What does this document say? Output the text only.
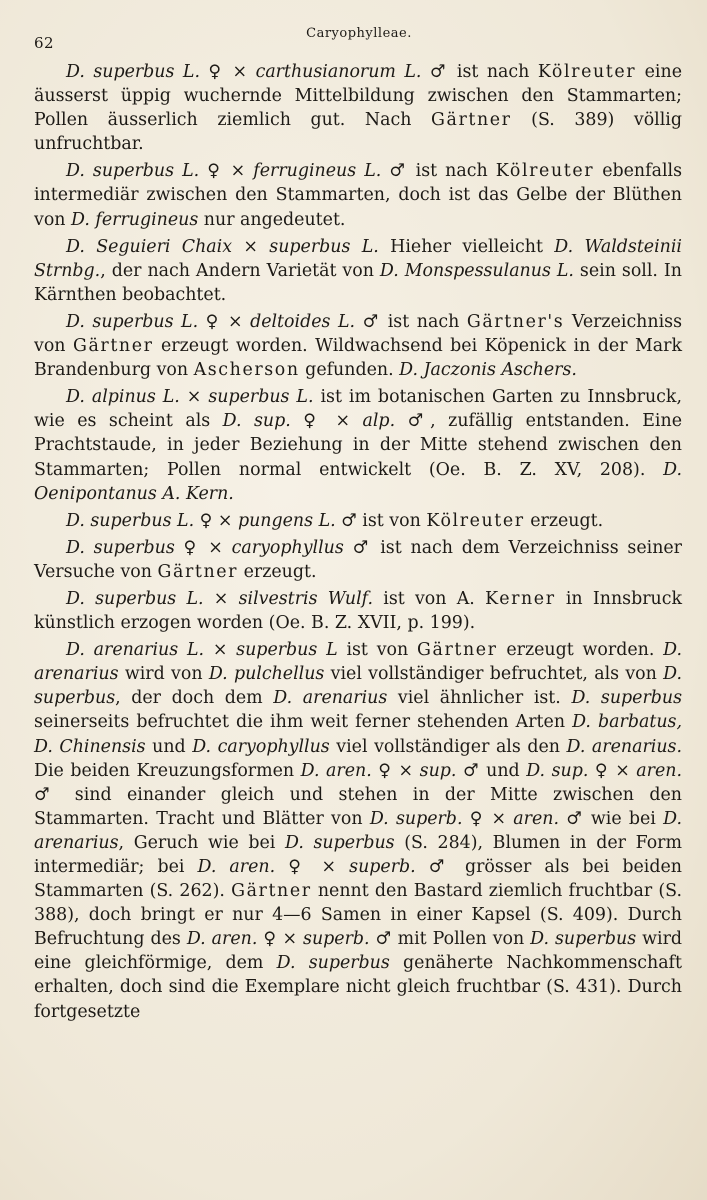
62
Caryophylleae.

D. superbus L. ♀ × carthusianorum L. ♂ ist nach Kölreuter eine äusserst üppig wuchernde Mittelbildung zwischen den Stammarten; Pollen äusserlich ziemlich gut. Nach Gärtner (S. 389) völlig unfruchtbar.

D. superbus L. ♀ × ferrugineus L. ♂ ist nach Kölreuter ebenfalls intermediär zwischen den Stammarten, doch ist das Gelbe der Blüthen von D. ferrugineus nur angedeutet.

D. Seguieri Chaix × superbus L. Hieher vielleicht D. Waldsteinii Strnbg., der nach Andern Varietät von D. Monspessulanus L. sein soll. In Kärnthen beobachtet.

D. superbus L. ♀ × deltoides L. ♂ ist nach Gärtner's Verzeichniss von Gärtner erzeugt worden. Wildwachsend bei Köpenick in der Mark Brandenburg von Ascherson gefunden. D. Jaczonis Aschers.

D. alpinus L. × superbus L. ist im botanischen Garten zu Innsbruck, wie es scheint als D. sup. ♀ × alp. ♂, zufällig entstanden. Eine Prachtstaude, in jeder Beziehung in der Mitte stehend zwischen den Stammarten; Pollen normal entwickelt (Oe. B. Z. XV, 208). D. Oenipontanus A. Kern.

D. superbus L. ♀ × pungens L. ♂ ist von Kölreuter erzeugt.

D. superbus ♀ × caryophyllus ♂ ist nach dem Verzeichniss seiner Versuche von Gärtner erzeugt.

D. superbus L. × silvestris Wulf. ist von A. Kerner in Innsbruck künstlich erzogen worden (Oe. B. Z. XVII, p. 199).

D. arenarius L. × superbus L ist von Gärtner erzeugt worden. D. arenarius wird von D. pulchellus viel vollständiger befruchtet, als von D. superbus, der doch dem D. arenarius viel ähnlicher ist. D. superbus seinerseits befruchtet die ihm weit ferner stehenden Arten D. barbatus, D. Chinensis und D. caryophyllus viel vollständiger als den D. arenarius. Die beiden Kreuzungsformen D. aren. ♀ × sup. ♂ und D. sup. ♀ × aren. ♂ sind einander gleich und stehen in der Mitte zwischen den Stammarten. Tracht und Blätter von D. superb. ♀ × aren. ♂ wie bei D. arenarius, Geruch wie bei D. superbus (S. 284), Blumen in der Form intermediär; bei D. aren. ♀ × superb. ♂ grösser als bei beiden Stammarten (S. 262). Gärtner nennt den Bastard ziemlich fruchtbar (S. 388), doch bringt er nur 4—6 Samen in einer Kapsel (S. 409). Durch Befruchtung des D. aren. ♀ × superb. ♂ mit Pollen von D. superbus wird eine gleichförmige, dem D. superbus genäherte Nachkommenschaft erhalten, doch sind die Exemplare nicht gleich fruchtbar (S. 431). Durch fortgesetzte
